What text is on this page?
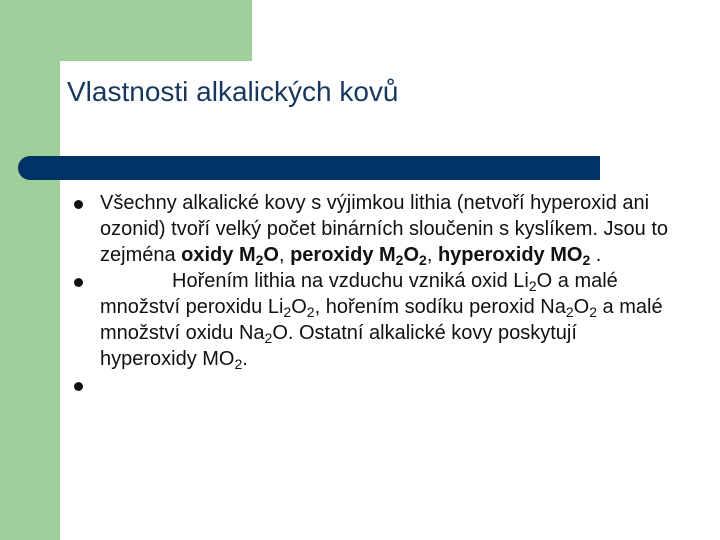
Vlastnosti alkalických kovů
Všechny alkalické kovy s výjimkou lithia (netvoří hyperoxid ani ozonid) tvoří velký počet binárních sloučenin s kyslíkem. Jsou to zejména oxidy $M_2O$, peroxidy $M_2O_2$, hyperoxidy $MO_2$ .
Hořením lithia na vzduchu vzniká oxid $Li_2O$ a malé množství peroxidu $Li_2O_2$, hořením sodíku peroxid $Na_2O_2$ a malé množství oxidu $Na_2O$. Ostatní alkalické kovy poskytují hyperoxidy $MO_2$.
